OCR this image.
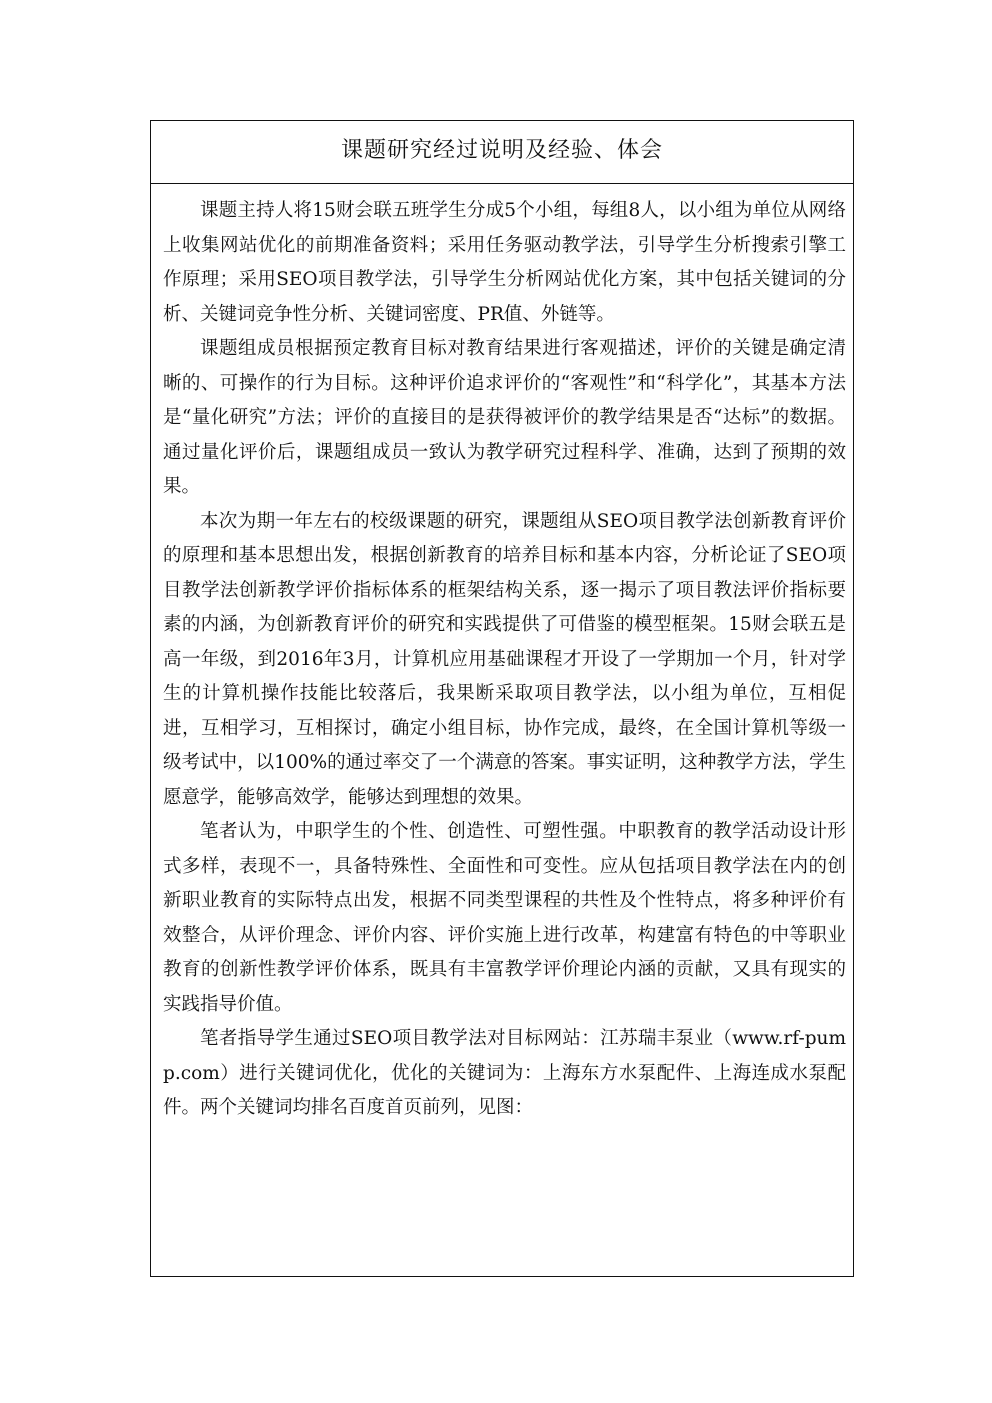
课题研究经过说明及经验、体会

课题主持人将15财会联五班学生分成5个小组，每组8人，以小组为单位从网络上收集网站优化的前期准备资料；采用任务驱动教学法，引导学生分析搜索引擎工作原理；采用SEO项目教学法，引导学生分析网站优化方案，其中包括关键词的分析、关键词竞争性分析、关键词密度、PR值、外链等。

课题组成员根据预定教育目标对教育结果进行客观描述，评价的关键是确定清晰的、可操作的行为目标。这种评价追求评价的“客观性”和“科学化”，其基本方法是“量化研究”方法；评价的直接目的是获得被评价的教学结果是否“达标”的数据。通过量化评价后，课题组成员一致认为教学研究过程科学、准确，达到了预期的效果。

本次为期一年左右的校级课题的研究，课题组从SEO项目教学法创新教育评价的原理和基本思想出发，根据创新教育的培养目标和基本内容，分析论证了SEO项目教学法创新教学评价指标体系的框架结构关系，逐一揭示了项目教法评价指标要素的内涵，为创新教育评价的研究和实践提供了可借鉴的模型框架。15财会联五是高一年级，到2016年3月，计算机应用基础课程才开设了一学期加一个月，针对学生的计算机操作技能比较落后，我果断采取项目教学法，以小组为单位，互相促进，互相学习，互相探讨，确定小组目标，协作完成，最终，在全国计算机等级一级考试中，以100%的通过率交了一个满意的答案。事实证明，这种教学方法，学生愿意学，能够高效学，能够达到理想的效果。

笔者认为，中职学生的个性、创造性、可塑性强。中职教育的教学活动设计形式多样，表现不一，具备特殊性、全面性和可变性。应从包括项目教学法在内的创新职业教育的实际特点出发，根据不同类型课程的共性及个性特点，将多种评价有效整合，从评价理念、评价内容、评价实施上进行改革，构建富有特色的中等职业教育的创新性教学评价体系，既具有丰富教学评价理论内涵的贡献，又具有现实的实践指导价值。

笔者指导学生通过SEO项目教学法对目标网站：江苏瑞丰泵业（www.rf-pump.com）进行关键词优化，优化的关键词为：上海东方水泵配件、上海连成水泵配件。两个关键词均排名百度首页前列，见图：
